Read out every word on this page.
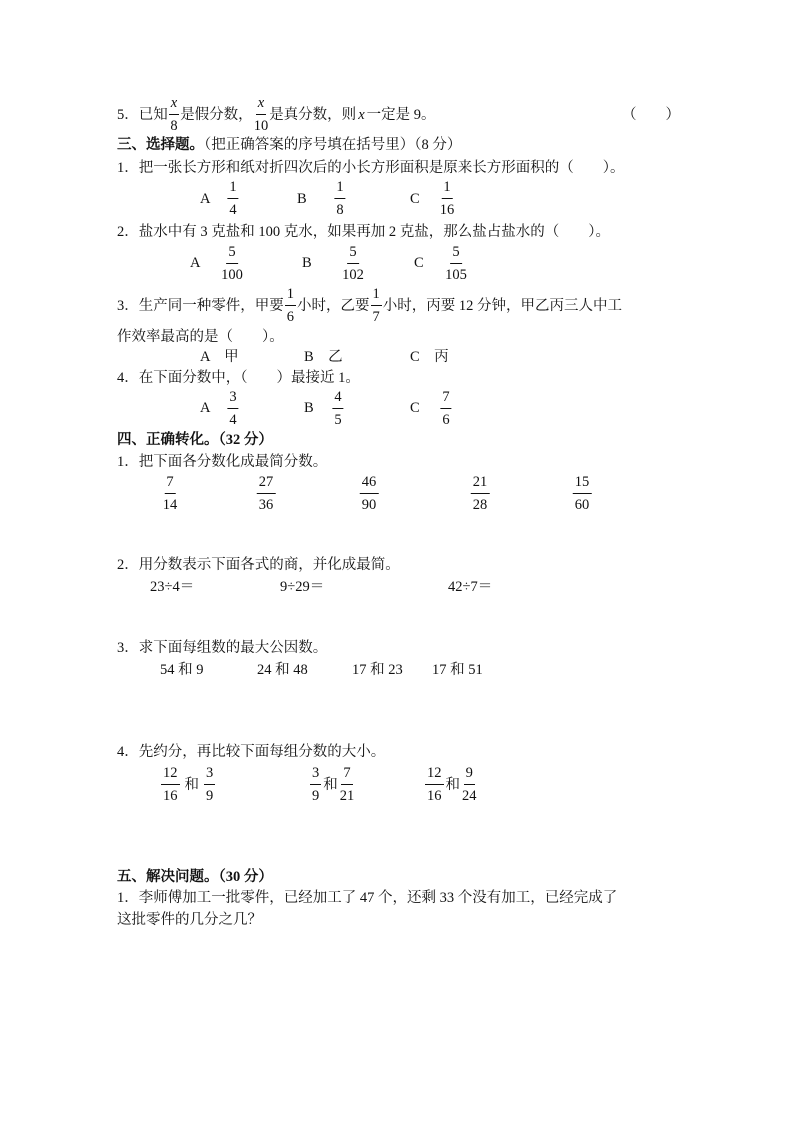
5．已知
x
8
是假分数，
x
10
是真分数，则 x 一定是 9。	（　　）
三、选择题。（把正确答案的序号填在括号里）（8 分）
1．把一张长方形和纸对折四次后的小长方形面积是原来长方形面积的（　　）。
A $\frac{1}{4}$	B $\frac{1}{8}$	C $\frac{1}{16}$
2．盐水中有 3 克盐和 100 克水，如果再加 2 克盐，那么盐占盐水的（　　）。
A $\frac{5}{100}$	B $\frac{5}{102}$	C $\frac{5}{105}$
3．生产同一种零件，甲要
1
6
小时，乙要
1
7
小时，丙要 12 分钟，甲乙丙三人中工
作效率最高的是（　　）。
A　 甲	B　 乙	C　 丙
4．在下面分数中，（　　）最接近 1。
A $\frac{3}{4}$	B $\frac{4}{5}$	C $\frac{7}{6}$
四、正确转化。（32 分）
1．把下面各分数化成最简分数。
$\frac{7}{14}$	$\frac{27}{36}$	$\frac{46}{90}$	$\frac{21}{28}$	$\frac{15}{60}$
2．用分数表示下面各式的商，并化成最简。
23÷4＝	9÷29＝	42÷7＝
3．求下面每组数的最大公因数。
54 和 9	24 和 48	17 和 23 17 和 51
4．先约分，再比较下面每组分数的大小。
12
16
和
3
9
3
9
和
7
21
12
16
和
9
24
五、解决问题。（30 分）
1．李师傅加工一批零件，已经加工了 47 个，还剩 33 个没有加工，已经完成了
这批零件的几分之几？
